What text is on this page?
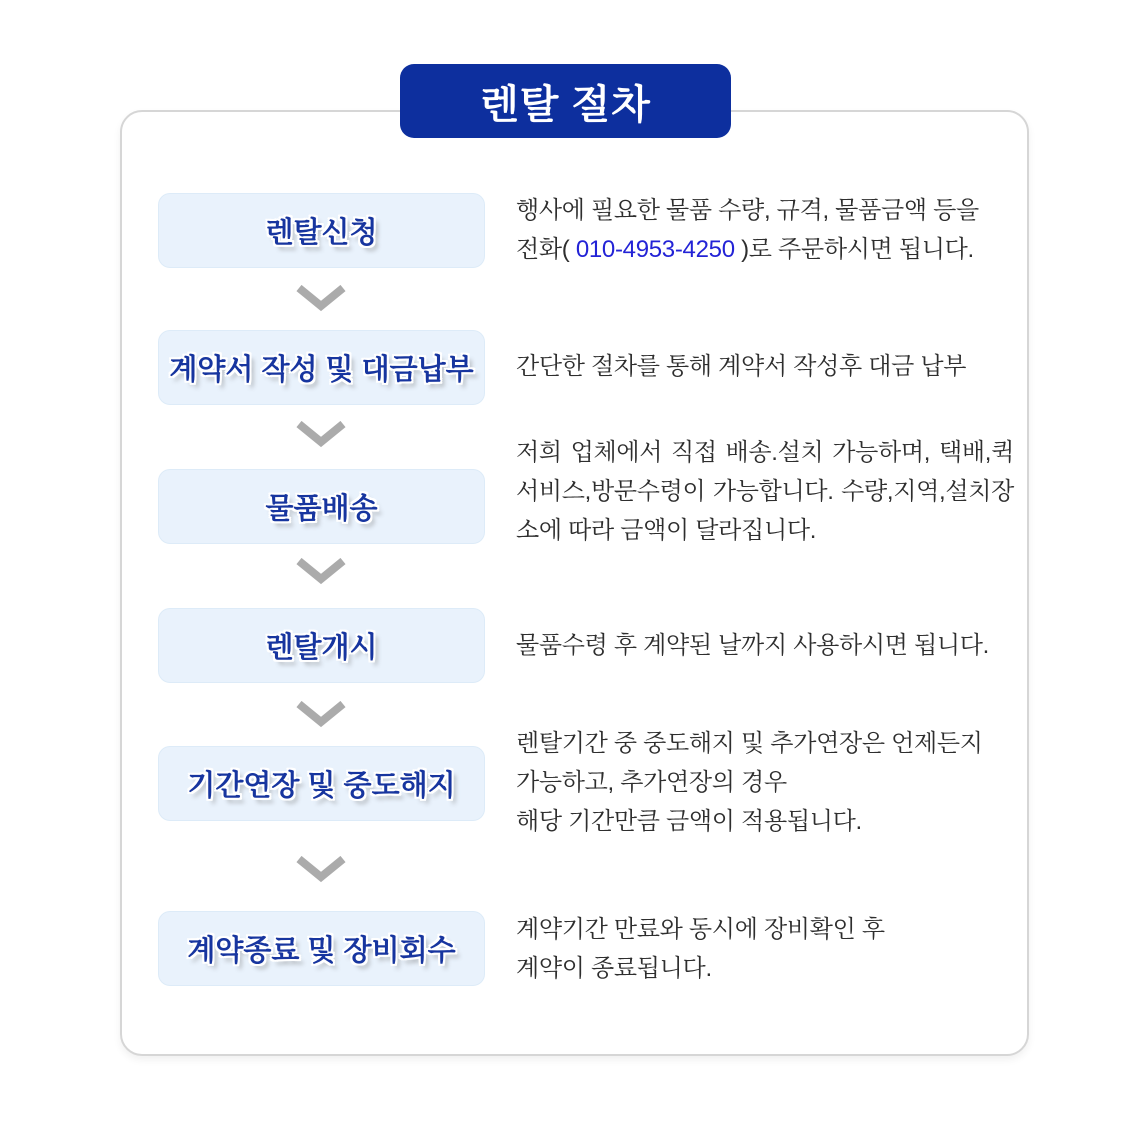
렌탈 절차
렌탈신청
계약서 작성 및 대금납부
물품배송
렌탈개시
기간연장 및 중도해지
계약종료 및 장비회수
행사에 필요한 물품 수량, 규격, 물품금액 등을
전화( 010-4953-4250 )로 주문하시면 됩니다.
간단한 절차를 통해 계약서 작성후 대금 납부
저희 업체에서 직접 배송.설치 가능하며, 택배,퀵서비스,방문수령이 가능합니다. 수량,지역,설치장소에 따라 금액이 달라집니다.
물품수령 후 계약된 날까지 사용하시면 됩니다.
렌탈기간 중 중도해지 및 추가연장은 언제든지
가능하고, 추가연장의 경우
해당 기간만큼 금액이 적용됩니다.
계약기간 만료와 동시에 장비확인 후
계약이 종료됩니다.
